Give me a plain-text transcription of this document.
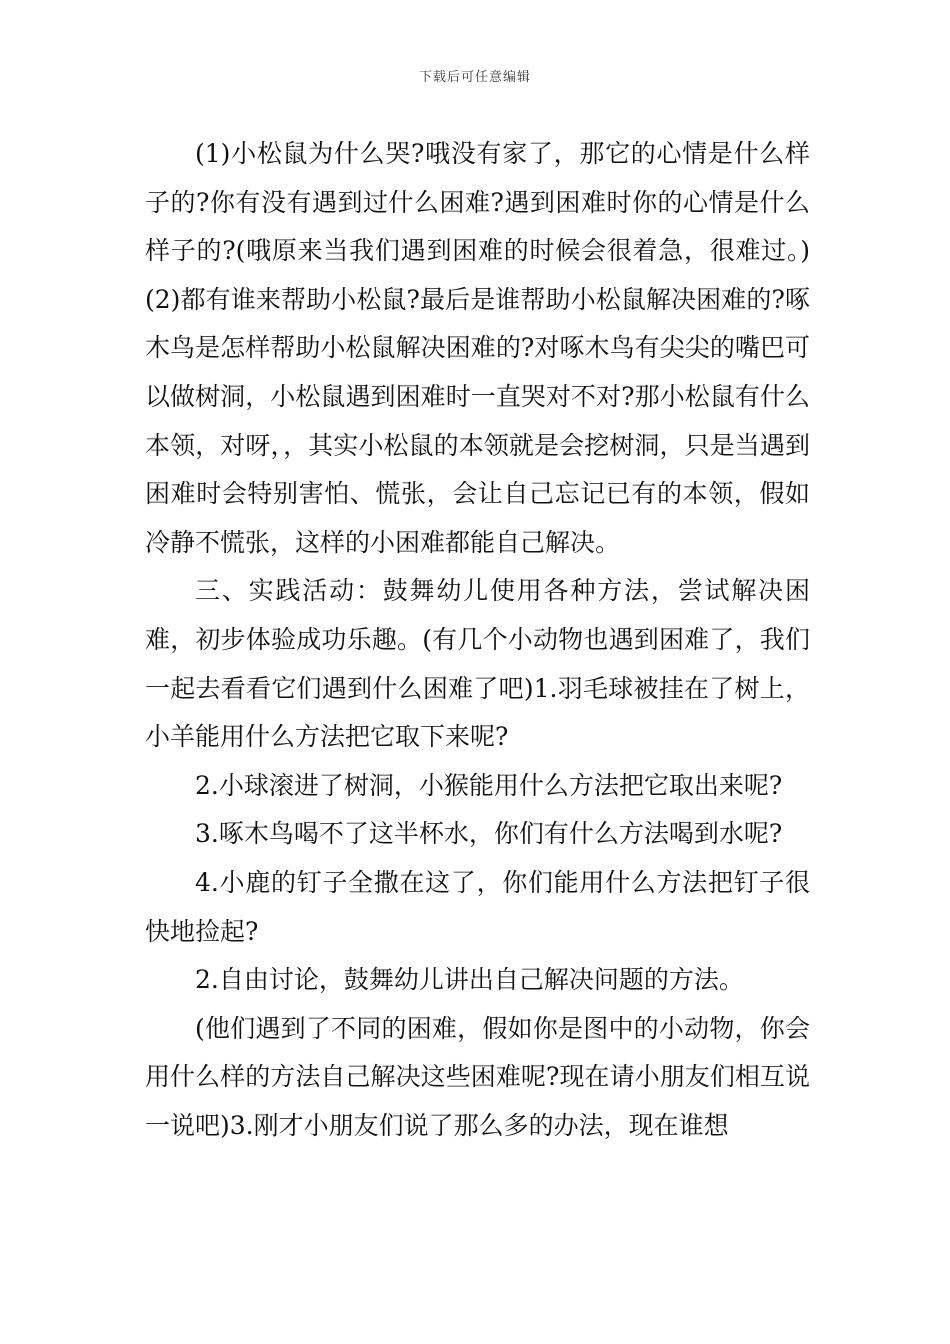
下载后可任意编辑

(1)小松鼠为什么哭?哦没有家了，那它的心情是什么样子的?你有没有遇到过什么困难?遇到困难时你的心情是什么样子的?(哦原来当我们遇到困难的时候会很着急，很难过。)(2)都有谁来帮助小松鼠?最后是谁帮助小松鼠解决困难的?啄木鸟是怎样帮助小松鼠解决困难的?对啄木鸟有尖尖的嘴巴可以做树洞，小松鼠遇到困难时一直哭对不对?那小松鼠有什么本领，对呀，，其实小松鼠的本领就是会挖树洞，只是当遇到困难时会特别害怕、慌张，会让自己忘记已有的本领，假如冷静不慌张，这样的小困难都能自己解决。

三、实践活动：鼓舞幼儿使用各种方法，尝试解决困难，初步体验成功乐趣。(有几个小动物也遇到困难了，我们一起去看看它们遇到什么困难了吧)1.羽毛球被挂在了树上，小羊能用什么方法把它取下来呢?

2.小球滚进了树洞，小猴能用什么方法把它取出来呢?

3.啄木鸟喝不了这半杯水，你们有什么方法喝到水呢?

4.小鹿的钉子全撒在这了，你们能用什么方法把钉子很快地捡起?

2.自由讨论，鼓舞幼儿讲出自己解决问题的方法。

(他们遇到了不同的困难，假如你是图中的小动物，你会用什么样的方法自己解决这些困难呢?现在请小朋友们相互说一说吧)3.刚才小朋友们说了那么多的办法，现在谁想
